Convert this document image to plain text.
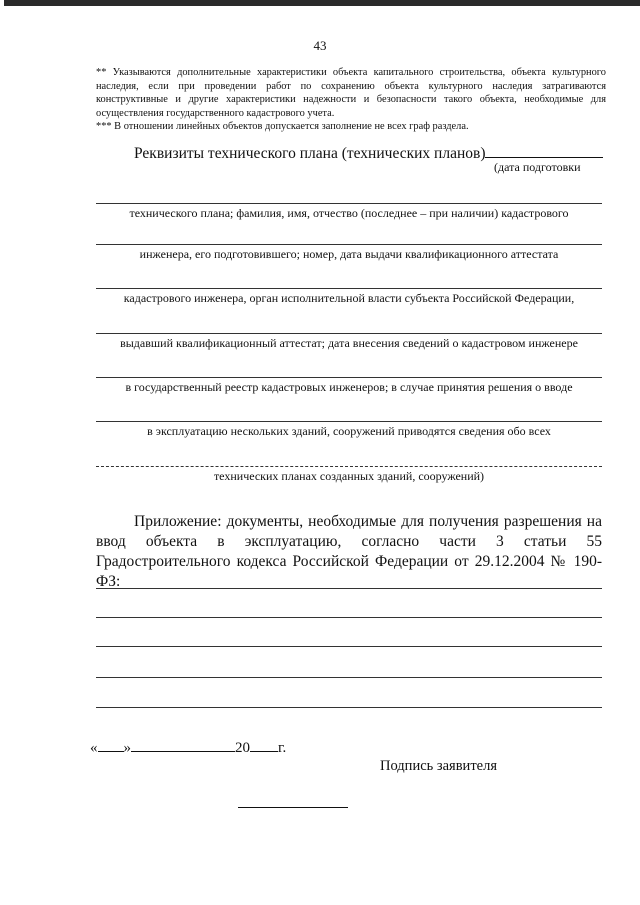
43

** Указываются дополнительные характеристики объекта капитального строительства, объекта культурного наследия, если при проведении работ по сохранению объекта культурного наследия затрагиваются конструктивные и другие характеристики надежности и безопасности такого объекта, необходимые для осуществления государственного кадастрового учета.

*** В отношении линейных объектов допускается заполнение не всех граф раздела.

Реквизиты технического плана (технических планов)
(дата подготовки
технического плана; фамилия, имя, отчество (последнее – при наличии) кадастрового
инженера, его подготовившего; номер, дата выдачи квалификационного аттестата
кадастрового инженера, орган исполнительной власти субъекта Российской Федерации,
выдавший квалификационный аттестат; дата внесения сведений о кадастровом инженере
в государственный реестр кадастровых инженеров; в случае принятия решения о вводе
в эксплуатацию нескольких зданий, сооружений приводятся сведения обо всех
технических планах созданных зданий, сооружений)

Приложение: документы, необходимые для получения разрешения на ввод объекта в эксплуатацию, согласно части 3 статьи 55 Градостроительного кодекса Российской Федерации от 29.12.2004 № 190-ФЗ:

« »	20 г.
Подпись заявителя
